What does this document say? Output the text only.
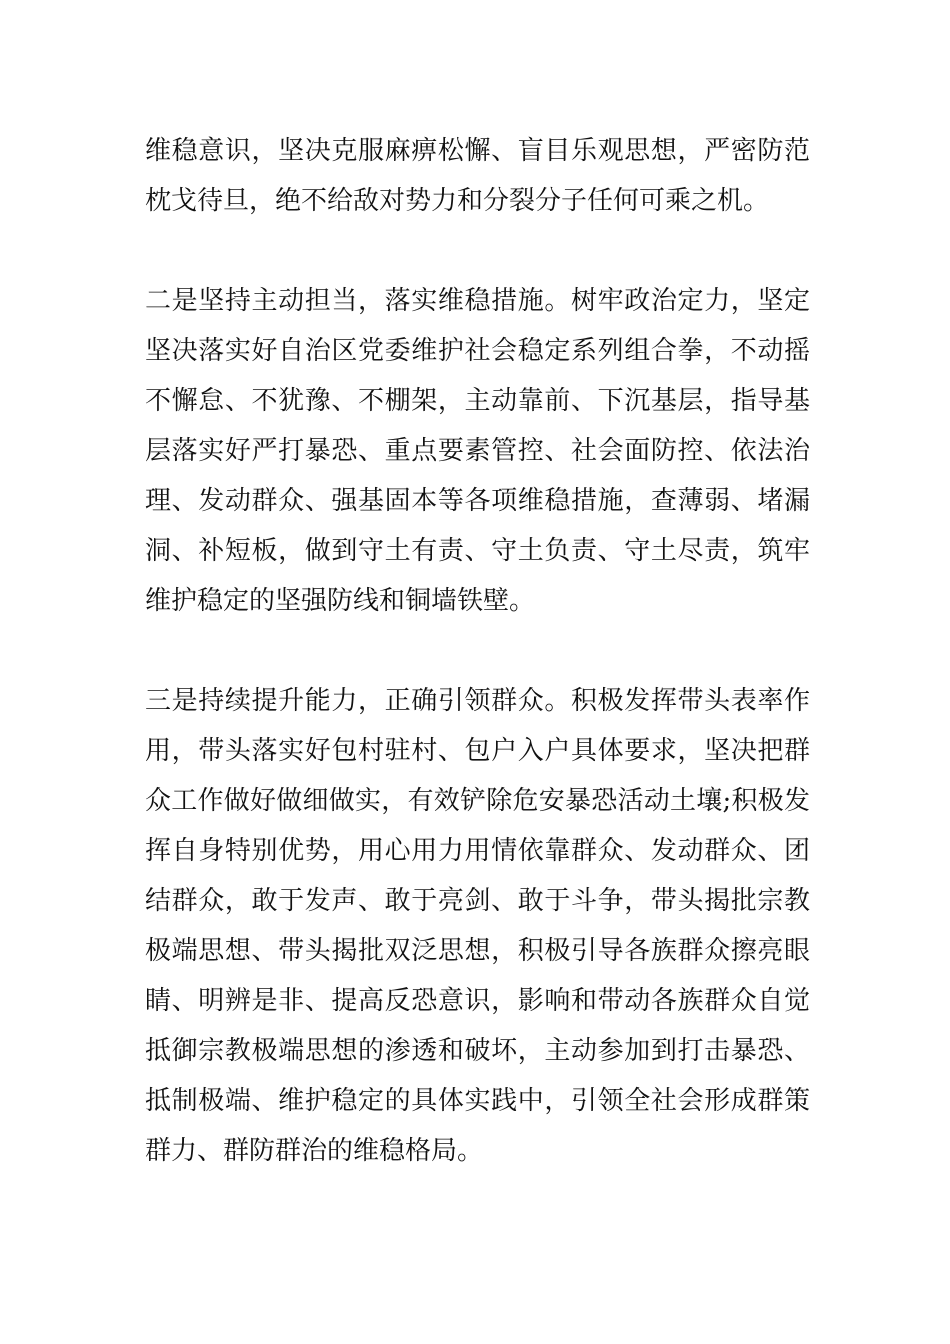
维稳意识，坚决克服麻痹松懈、盲目乐观思想，严密防范
枕戈待旦，绝不给敌对势力和分裂分子任何可乘之机。
二是坚持主动担当，落实维稳措施。树牢政治定力，坚定
坚决落实好自治区党委维护社会稳定系列组合拳，不动摇
不懈怠、不犹豫、不棚架，主动靠前、下沉基层，指导基
层落实好严打暴恐、重点要素管控、社会面防控、依法治
理、发动群众、强基固本等各项维稳措施，查薄弱、堵漏
洞、补短板，做到守土有责、守土负责、守土尽责，筑牢
维护稳定的坚强防线和铜墙铁壁。
三是持续提升能力，正确引领群众。积极发挥带头表率作
用，带头落实好包村驻村、包户入户具体要求，坚决把群
众工作做好做细做实，有效铲除危安暴恐活动土壤;积极发
挥自身特别优势，用心用力用情依靠群众、发动群众、团
结群众，敢于发声、敢于亮剑、敢于斗争，带头揭批宗教
极端思想、带头揭批双泛思想，积极引导各族群众擦亮眼
睛、明辨是非、提高反恐意识，影响和带动各族群众自觉
抵御宗教极端思想的渗透和破坏，主动参加到打击暴恐、
抵制极端、维护稳定的具体实践中，引领全社会形成群策
群力、群防群治的维稳格局。
